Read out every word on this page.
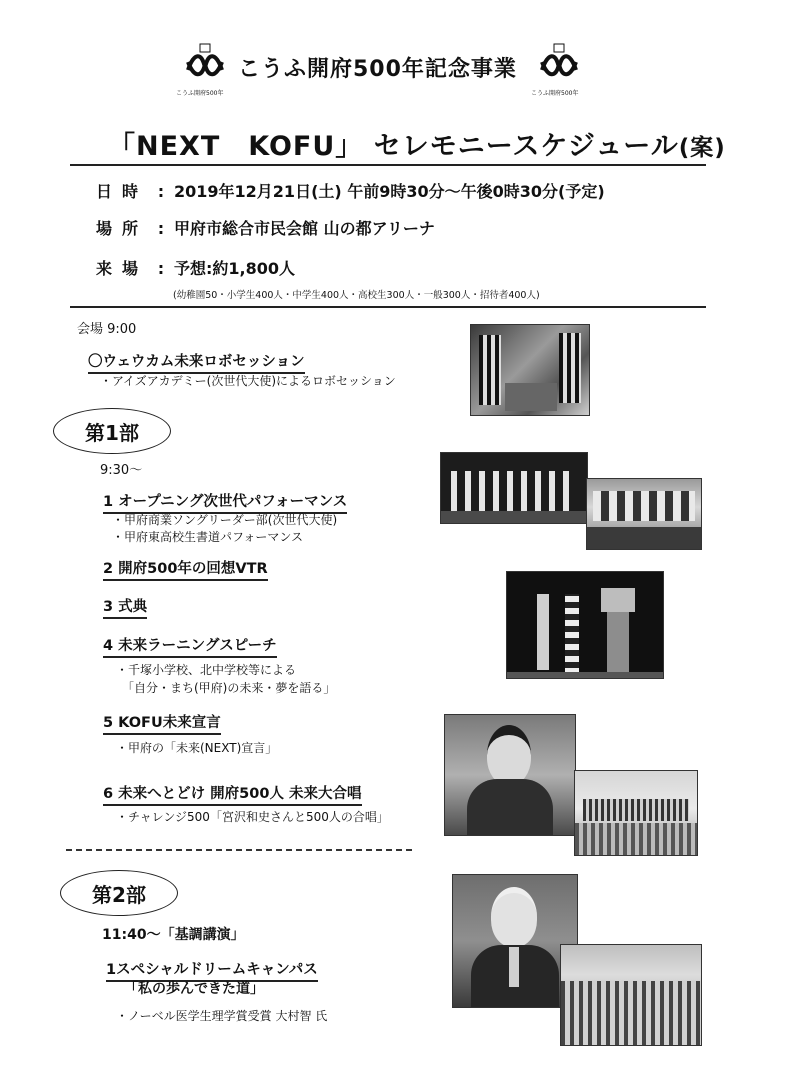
こうふ開府500年
こうふ開府500年記念事業
こうふ開府500年
「NEXT　KOFU」 セレモニースケジュール(案)
日時 : 2019年12月21日(土) 午前9時30分～午後0時30分(予定)
場所 : 甲府市総合市民会館 山の都アリーナ
来場 : 予想:約1,800人
(幼稚園50・小学生400人・中学生400人・高校生300人・一般300人・招待者400人)
会場 9:00
〇ウェウカム未来ロボセッション
・アイズアカデミー(次世代大使)によるロボセッション
第1部
9:30～
1 オープニング次世代パフォーマンス
・甲府商業ソングリーダー部(次世代大使)
・甲府東高校生書道パフォーマンス
2 開府500年の回想VTR
3 式典
4 未来ラーニングスピーチ
・千塚小学校、北中学校等による
「自分・まち(甲府)の未来・夢を語る」
5 KOFU未来宣言
・甲府の「未来(NEXT)宣言」
6 未来へとどけ 開府500人 未来大合唱
・チャレンジ500「宮沢和史さんと500人の合唱」
第2部
11:40～「基調講演」
1スペシャルドリームキャンパス
「私の歩んできた道」
・ノーベル医学生理学賞受賞 大村智 氏
